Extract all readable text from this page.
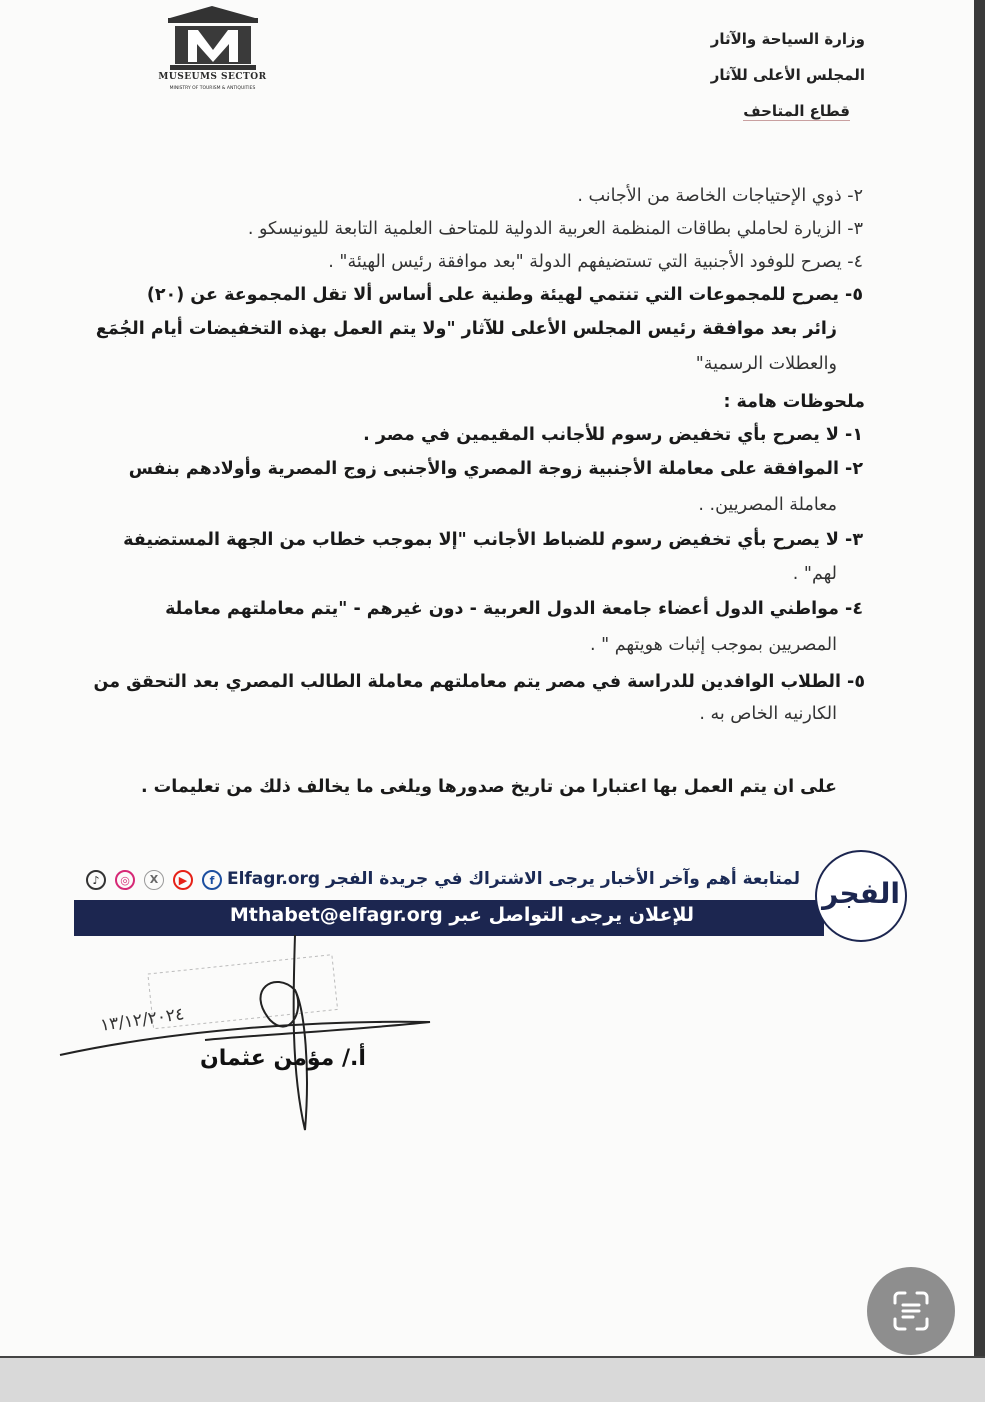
MUSEUMS SECTOR
MINISTRY OF TOURISM & ANTIQUITIES
وزارة السياحة والآثار
المجلس الأعلى للآثار
قطاع المتاحف
٢- ذوي الإحتياجات الخاصة من الأجانب .
٣- الزيارة لحاملي بطاقات المنظمة العربية الدولية للمتاحف العلمية التابعة لليونيسكو .
٤- يصرح للوفود الأجنبية التي تستضيفهم الدولة "بعد موافقة رئيس الهيئة" .
٥- يصرح للمجموعات التي تنتمي لهيئة وطنية على أساس ألا تقل المجموعة عن (٢٠)
زائر بعد موافقة رئيس المجلس الأعلى للآثار "ولا يتم العمل بهذه التخفيضات أيام الجُمَع
والعطلات الرسمية"
ملحوظات هامة :
١- لا يصرح بأي تخفيض رسوم للأجانب المقيمين في مصر .
٢- الموافقة على معاملة الأجنبية زوجة المصري والأجنبى زوج المصرية وأولادهم بنفس
معاملة المصريين. .
٣- لا يصرح بأي تخفيض رسوم للضباط الأجانب "إلا بموجب خطاب من الجهة المستضيفة
لهم" .
٤- مواطني الدول أعضاء جامعة الدول العربية - دون غيرهم - "يتم معاملتهم معاملة
المصريين بموجب إثبات هويتهم " .
٥- الطلاب الوافدين للدراسة في مصر يتم معاملتهم معاملة الطالب المصري بعد التحقق من
الكارنيه الخاص به .
على ان يتم العمل بها اعتبارا من تاريخ صدورها ويلغى ما يخالف ذلك من تعليمات .
♪	◎	X	▶	f لمتابعة أهم وآخر الأخبار يرجى الاشتراك في جريدة الفجر Elfagr.org
للإعلان يرجى التواصل عبر Mthabet@elfagr.org
الفجر
١٣/١٢/٢٠٢٤
أ./ مؤمن عثمان
